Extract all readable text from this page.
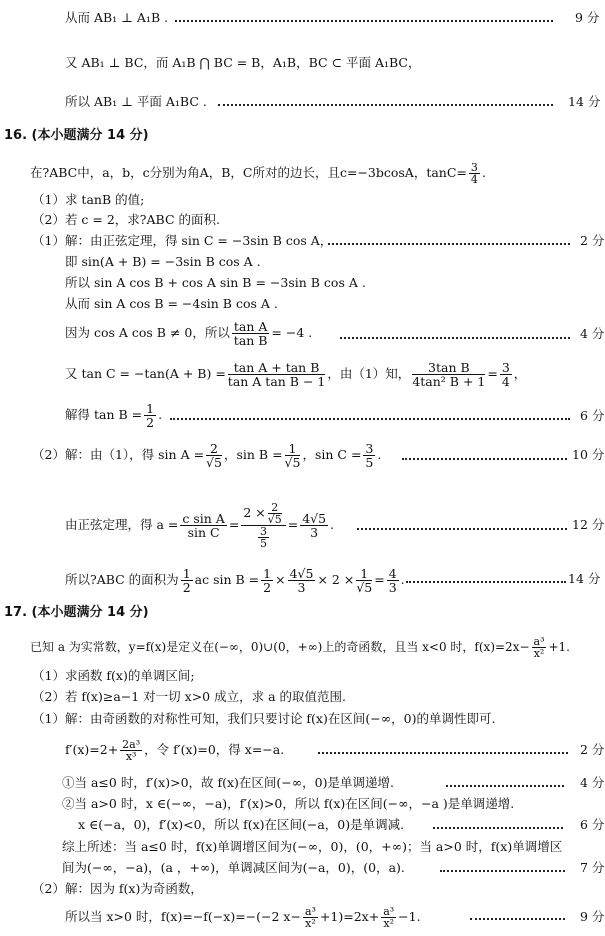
从而 AB₁ ⊥ A₁B .	9 分
又 AB₁ ⊥ BC，而 A₁B ⋂ BC = B，A₁B，BC ⊂ 平面 A₁BC，
所以 AB₁ ⊥ 平面 A₁BC .	14 分
16. (本小题满分 14 分)
在?ABC中，a，b，c分别为角A，B，C所对的边长，且c=−3bcosA，$\tan C= \frac{3}{4}$ .
（1）求 tanB 的值;
（2）若 c = 2，求?ABC 的面积.
（1）解：由正弦定理，得 sin C = −3sin B cos A，	2 分
即 sin(A + B) = −3sin B cos A .
所以 sin A cos B + cos A sin B = −3sin B cos A .
从而 sin A cos B = −4sin B cos A .
因为 cos A cos B ≠ 0，所以 $\frac{\text{tan A}}{\text{tan B}} = -4$ .	4 分
又 $\tan C = -\tan(A + B) = \frac{\text{tan A + tan B}}{\text{tan A tan B − 1}}$ ，由（1）知， $\frac{\text{3tan B}}{\text{4tan² B + 1}} = \frac{3}{4}$ ，
解得 $\tan B = \frac{1}{2}$ .	6 分
（2）解：由（1），得 $\sin A = \frac{2}{√5}$ ，$\sin B = \frac{1}{√5}$ ，$\sin C = \frac{3}{5}$ .	10 分
由正弦定理，得 $a = \frac{\text{c sin A}}{\text{sin C}} = \frac{2 \times \frac{2}{√5}}{\frac{3}{5}} = \frac{4√5}{3}$ .	12 分
所以?ABC 的面积为 $\frac{1}{2}$ ac $\sin B = \frac{1}{2} \times \frac{4√5}{3} \times 2 \times \frac{1}{√5} = \frac{4}{3}$ .	14 分
17. (本小题满分 14 分)
已知 a 为实常数，y=f(x)是定义在(−∞，0)∪(0，+∞)上的奇函数，且当 x<0 时，$f(x)=2x- \frac{\text{a³}}{\text{x²}} +1$.
（1）求函数 f(x)的单调区间;
（2）若 f(x)≥a−1 对一切 x>0 成立，求 a 的取值范围.
（1）解：由奇函数的对称性可知，我们只要讨论 f(x)在区间(−∞，0)的单调性即可.
$f'(x)=2+ \frac{\text{2a³}}{\text{x³}}$ ，令 f′(x)=0，得 x=−a.	2 分
①当 a≤0 时，f′(x)>0，故 f(x)在区间(−∞，0)是单调递增.	4 分
②当 a>0 时，x ∈(−∞，−a)，f′(x)>0，所以 f(x)在区间(−∞，−a )是单调递增.
x ∈(−a，0)，f′(x)<0，所以 f(x)在区间(−a，0)是单调减.	6 分
综上所述：当 a≤0 时，f(x)单调增区间为(−∞，0)，(0，+∞)；当 a>0 时，f(x)单调增区
间为(−∞，−a)，(a ，+∞)，单调减区间为(−a，0)，(0，a).	7 分
（2）解：因为 f(x)为奇函数，
所以当 x>0 时，f(x)=−f(−x)=−(−2 $x- \frac{\text{a³}}{\text{x²}} +1)=2x+ \frac{\text{a³}}{\text{x²}} -1$.	9 分
